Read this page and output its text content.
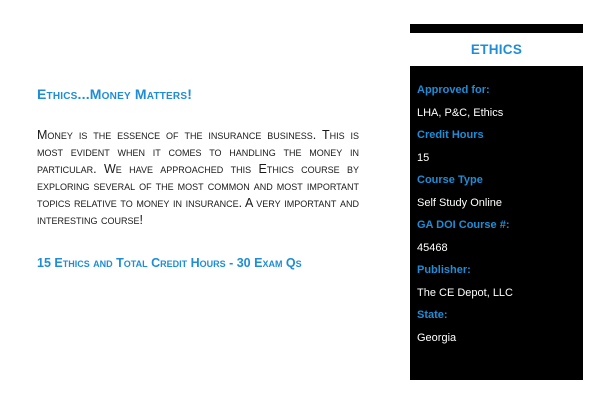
Ethics...Money Matters!

Money is the essence of the insurance business. This is most evident when it comes to handling the money in particular. We have approached this Ethics course by exploring several of the most common and most important topics relative to money in insurance. A very important and interesting course!

15 Ethics and Total Credit Hours - 30 Exam Qs

ETHICS
Approved for:
LHA, P&C, Ethics
Credit Hours
15
Course Type
Self Study Online
GA DOI Course #:
45468
Publisher:
The CE Depot, LLC
State:
Georgia
